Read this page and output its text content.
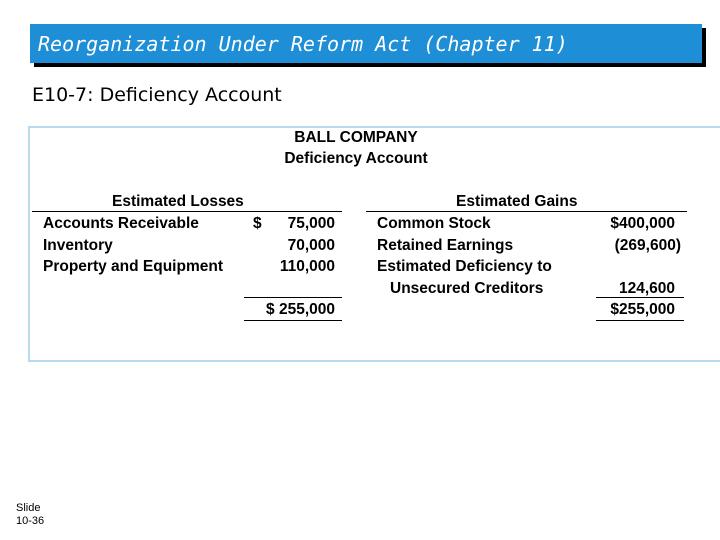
Reorganization Under Reform Act (Chapter 11)
E10-7: Deficiency Account
BALL COMPANY
Deficiency Account
Estimated Losses
Accounts Receivable	$	75,000
Inventory	70,000
Property and Equipment	110,000
$ 255,000
Estimated Gains
Common Stock	$400,000
Retained Earnings	(269,600)
Estimated Deficiency to
Unsecured Creditors	124,600
$255,000
Slide
10-36
